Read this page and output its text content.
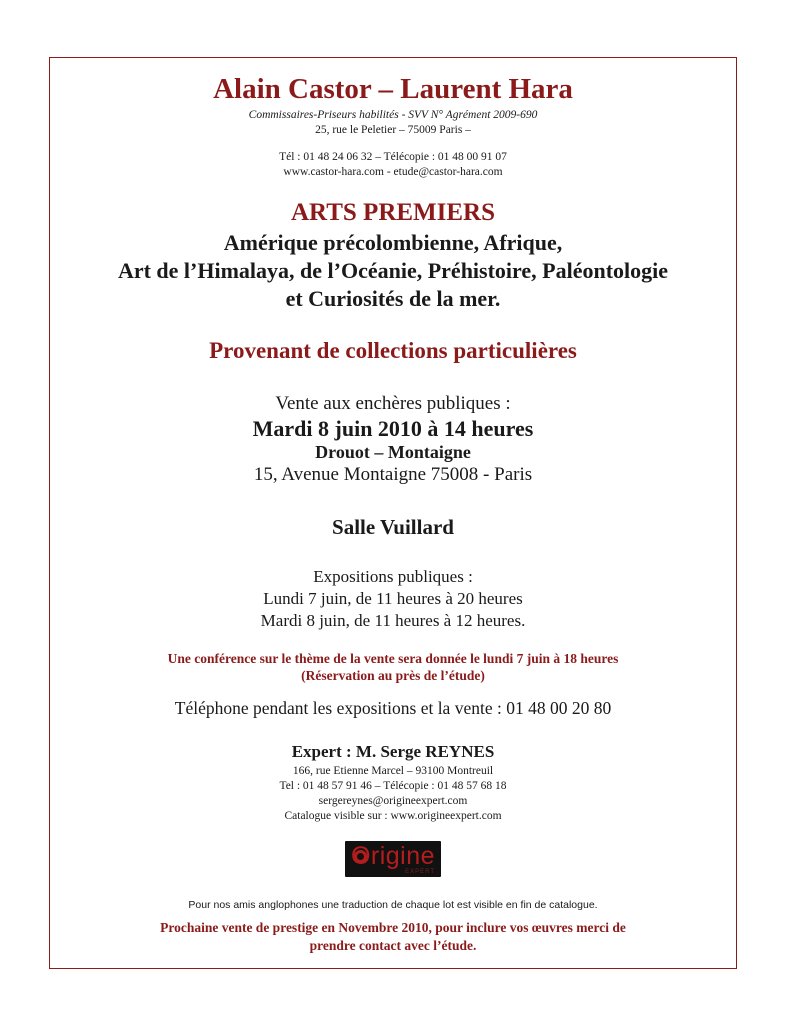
Alain Castor – Laurent Hara
Commissaires-Priseurs habilités - SVV N° Agrément 2009-690
25, rue le Peletier – 75009 Paris –
Tél : 01 48 24 06 32 – Télécopie : 01 48 00 91 07
www.castor-hara.com - etude@castor-hara.com
ARTS PREMIERS
Amérique précolombienne, Afrique,
Art de l’Himalaya, de l’Océanie, Préhistoire, Paléontologie
et Curiosités de la mer.
Provenant de collections particulières
Vente aux enchères publiques :
Mardi 8 juin 2010 à 14 heures
Drouot – Montaigne
15, Avenue Montaigne 75008 - Paris
Salle Vuillard
Expositions publiques :
Lundi 7 juin, de 11 heures à 20 heures
Mardi 8 juin, de 11 heures à 12 heures.
Une conférence sur le thème de la vente sera donnée le lundi 7 juin à 18 heures
(Réservation au près de l’étude)
Téléphone pendant les expositions et la vente : 01 48 00 20 80
Expert : M. Serge REYNES
166, rue Etienne Marcel – 93100 Montreuil
Tel : 01 48 57 91 46 – Télécopie : 01 48 57 68 18
sergereynes@origineexpert.com
Catalogue visible sur : www.origineexpert.com
Origine
EXPERT
Pour nos amis anglophones une traduction de chaque lot est visible en fin de catalogue.
Prochaine vente de prestige en Novembre 2010, pour inclure vos œuvres merci de
prendre contact avec l’étude.
